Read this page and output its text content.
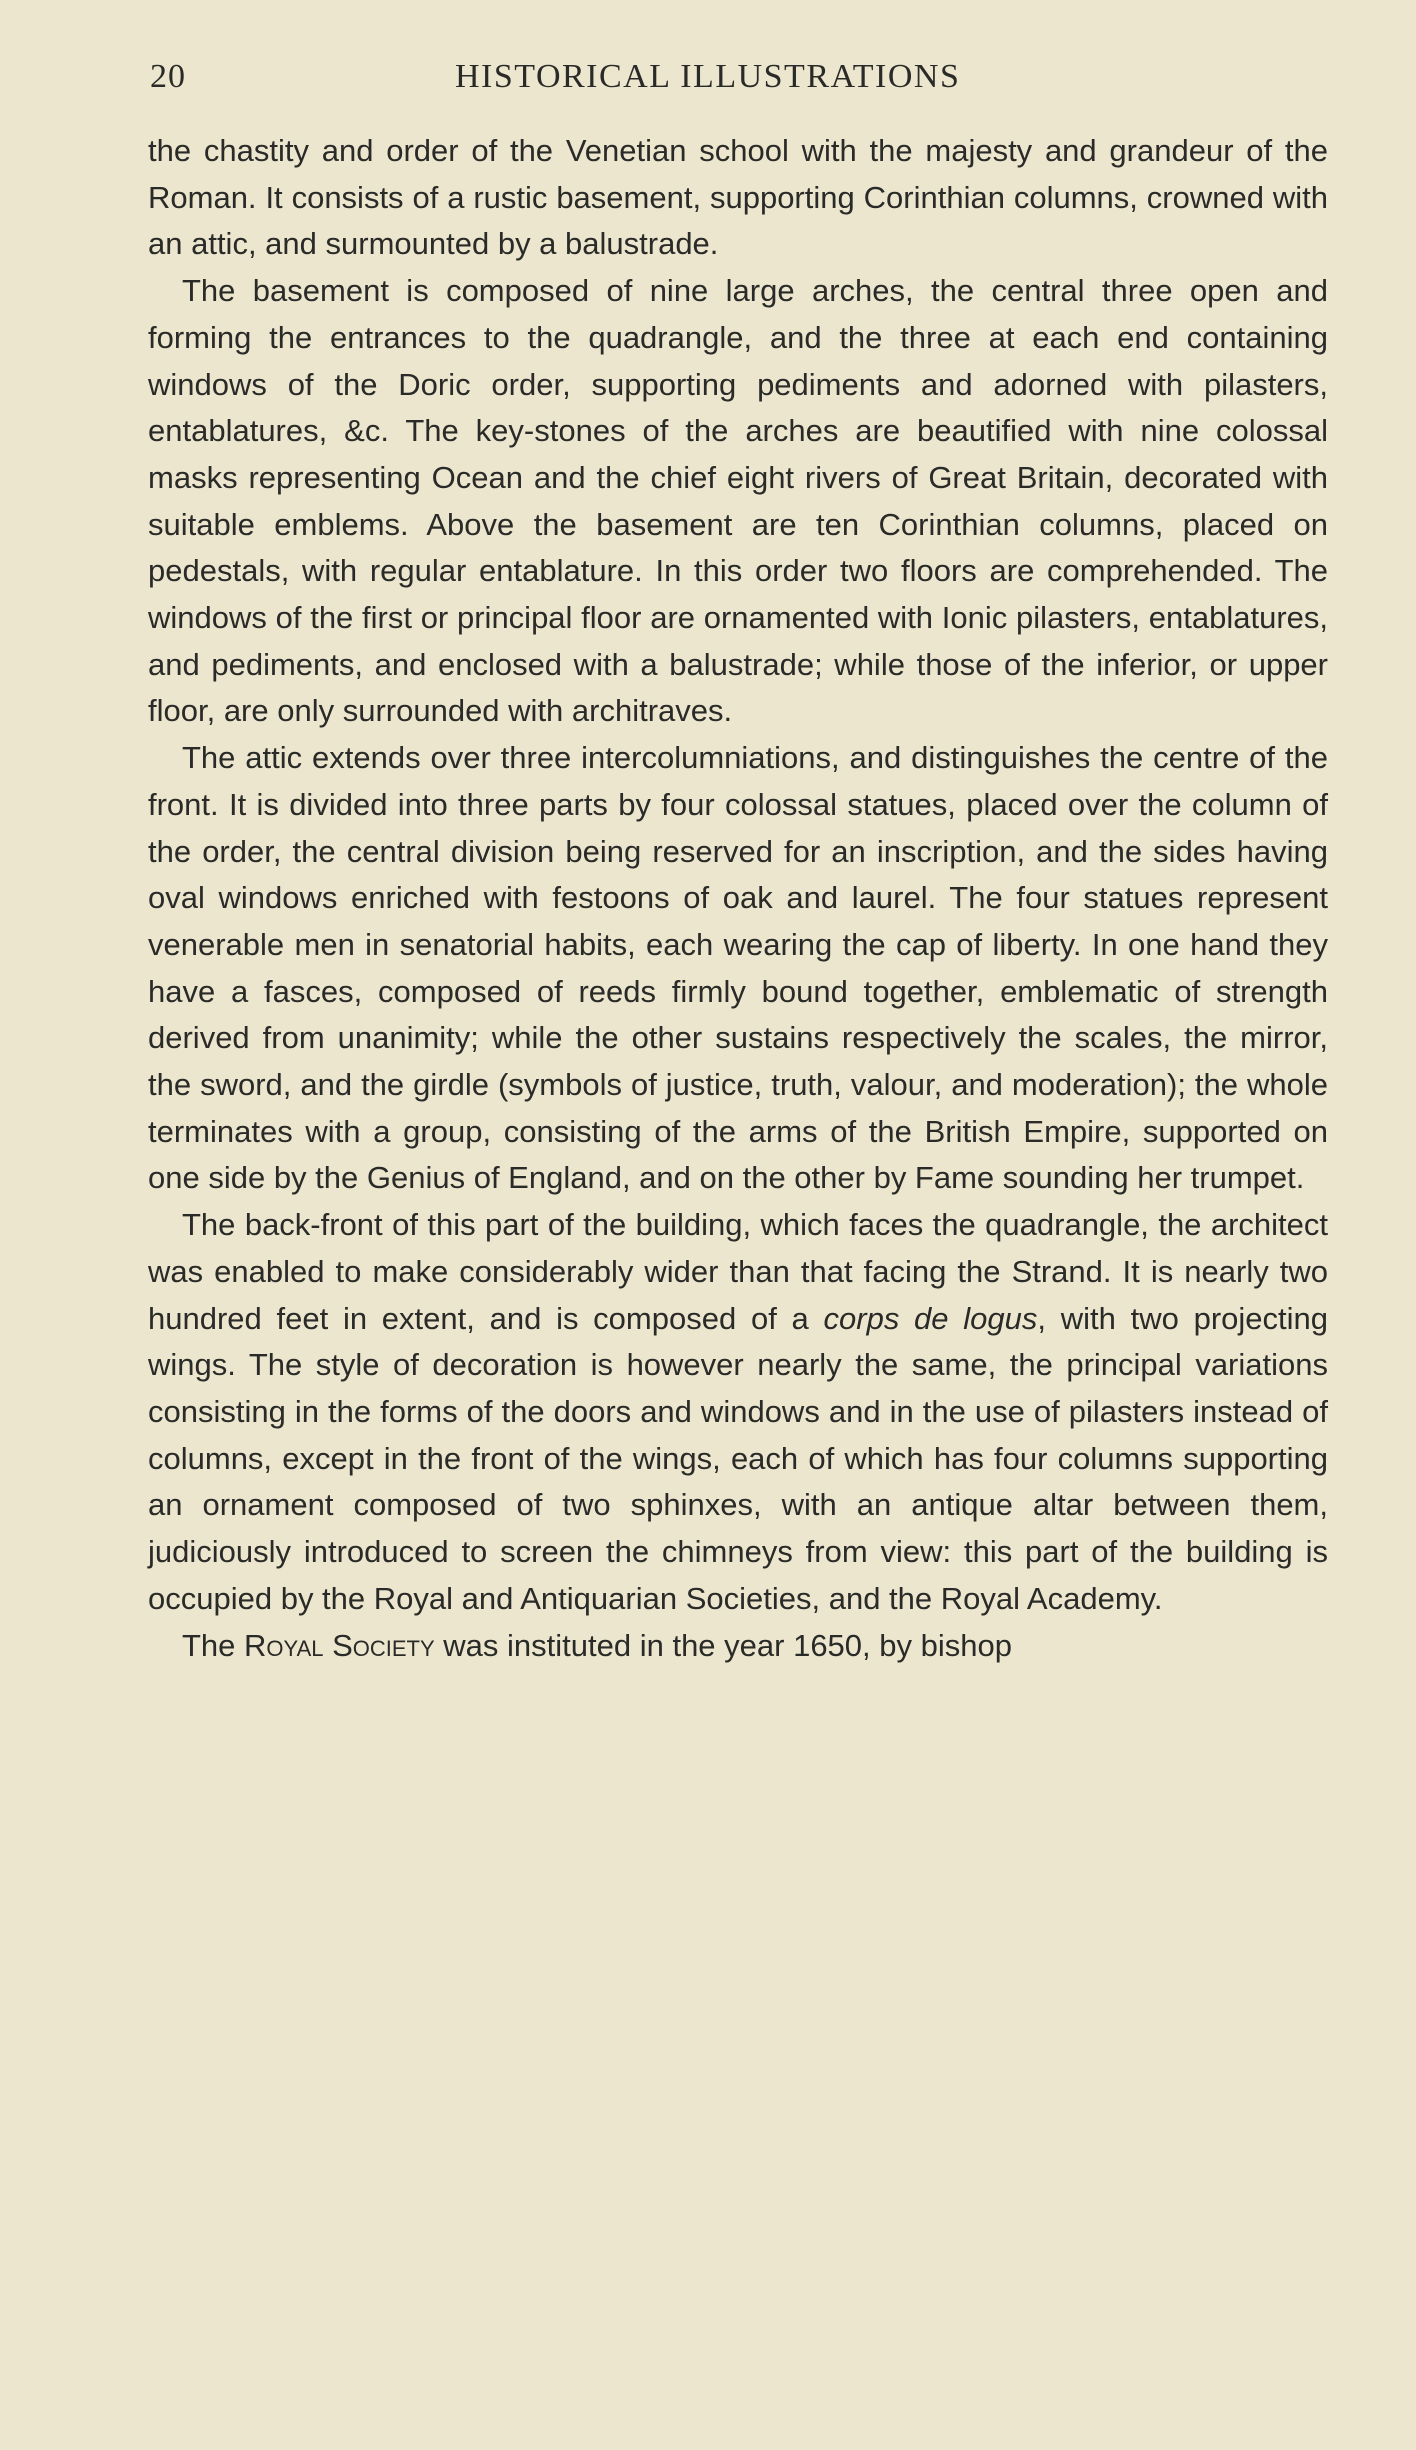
20	HISTORICAL ILLUSTRATIONS

the chastity and order of the Venetian school with the majesty and grandeur of the Roman. It consists of a rustic basement, supporting Corinthian columns, crowned with an attic, and surmounted by a balustrade.

The basement is composed of nine large arches, the central three open and forming the entrances to the quadrangle, and the three at each end containing windows of the Doric order, supporting pediments and adorned with pilasters, entablatures, &c. The key-stones of the arches are beautified with nine colossal masks representing Ocean and the chief eight rivers of Great Britain, decorated with suitable emblems. Above the basement are ten Corinthian columns, placed on pedestals, with regular entablature. In this order two floors are comprehended. The windows of the first or principal floor are ornamented with Ionic pilasters, entablatures, and pediments, and enclosed with a balustrade; while those of the inferior, or upper floor, are only surrounded with architraves.

The attic extends over three intercolumniations, and distinguishes the centre of the front. It is divided into three parts by four colossal statues, placed over the column of the order, the central division being reserved for an inscription, and the sides having oval windows enriched with festoons of oak and laurel. The four statues represent venerable men in senatorial habits, each wearing the cap of liberty. In one hand they have a fasces, composed of reeds firmly bound together, emblematic of strength derived from unanimity; while the other sustains respectively the scales, the mirror, the sword, and the girdle (symbols of justice, truth, valour, and moderation); the whole terminates with a group, consisting of the arms of the British Empire, supported on one side by the Genius of England, and on the other by Fame sounding her trumpet.

The back-front of this part of the building, which faces the quadrangle, the architect was enabled to make considerably wider than that facing the Strand. It is nearly two hundred feet in extent, and is composed of a corps de logus, with two projecting wings. The style of decoration is however nearly the same, the principal variations consisting in the forms of the doors and windows and in the use of pilasters instead of columns, except in the front of the wings, each of which has four columns supporting an ornament composed of two sphinxes, with an antique altar between them, judiciously introduced to screen the chimneys from view: this part of the building is occupied by the Royal and Antiquarian Societies, and the Royal Academy.

The Royal Society was instituted in the year 1650, by bishop
